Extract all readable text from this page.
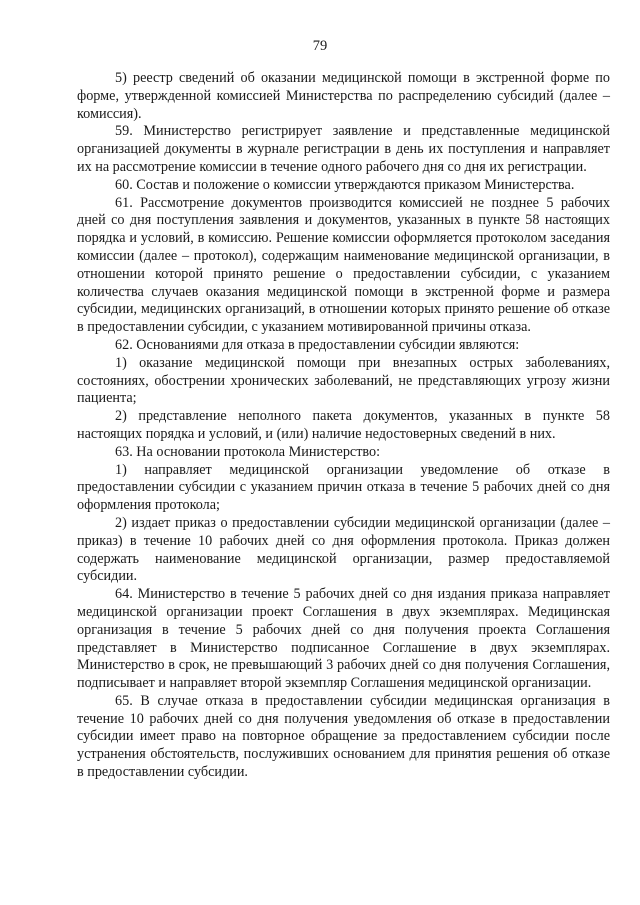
79

5) реестр сведений об оказании медицинской помощи в экстренной форме по форме, утвержденной комиссией Министерства по распределению субсидий (далее – комиссия).

59. Министерство регистрирует заявление и представленные медицинской организацией документы в журнале регистрации в день их поступления и направляет их на рассмотрение комиссии в течение одного рабочего дня со дня их регистрации.

60. Состав и положение о комиссии утверждаются приказом Министерства.

61. Рассмотрение документов производится комиссией не позднее 5 рабочих дней со дня поступления заявления и документов, указанных в пункте 58 настоящих порядка и условий, в комиссию. Решение комиссии оформляется протоколом заседания комиссии (далее – протокол), содержащим наименование медицинской организации, в отношении которой принято решение о предоставлении субсидии, с указанием количества случаев оказания медицинской помощи в экстренной форме и размера субсидии, медицинских организаций, в отношении которых принято решение об отказе в предоставлении субсидии, с указанием мотивированной причины отказа.

62. Основаниями для отказа в предоставлении субсидии являются:

1) оказание медицинской помощи при внезапных острых заболеваниях, состояниях, обострении хронических заболеваний, не представляющих угрозу жизни пациента;

2) представление неполного пакета документов, указанных в пункте 58 настоящих порядка и условий, и (или) наличие недостоверных сведений в них.

63. На основании протокола Министерство:

1) направляет медицинской организации уведомление об отказе в предоставлении субсидии с указанием причин отказа в течение 5 рабочих дней со дня оформления протокола;

2) издает приказ о предоставлении субсидии медицинской организации (далее – приказ) в течение 10 рабочих дней со дня оформления протокола. Приказ должен содержать наименование медицинской организации, размер предоставляемой субсидии.

64. Министерство в течение 5 рабочих дней со дня издания приказа направляет медицинской организации проект Соглашения в двух экземплярах. Медицинская организация в течение 5 рабочих дней со дня получения проекта Соглашения представляет в Министерство подписанное Соглашение в двух экземплярах. Министерство в срок, не превышающий 3 рабочих дней со дня получения Соглашения, подписывает и направляет второй экземпляр Соглашения медицинской организации.

65. В случае отказа в предоставлении субсидии медицинская организация в течение 10 рабочих дней со дня получения уведомления об отказе в предоставлении субсидии имеет право на повторное обращение за предоставлением субсидии после устранения обстоятельств, послуживших основанием для принятия решения об отказе в предоставлении субсидии.
